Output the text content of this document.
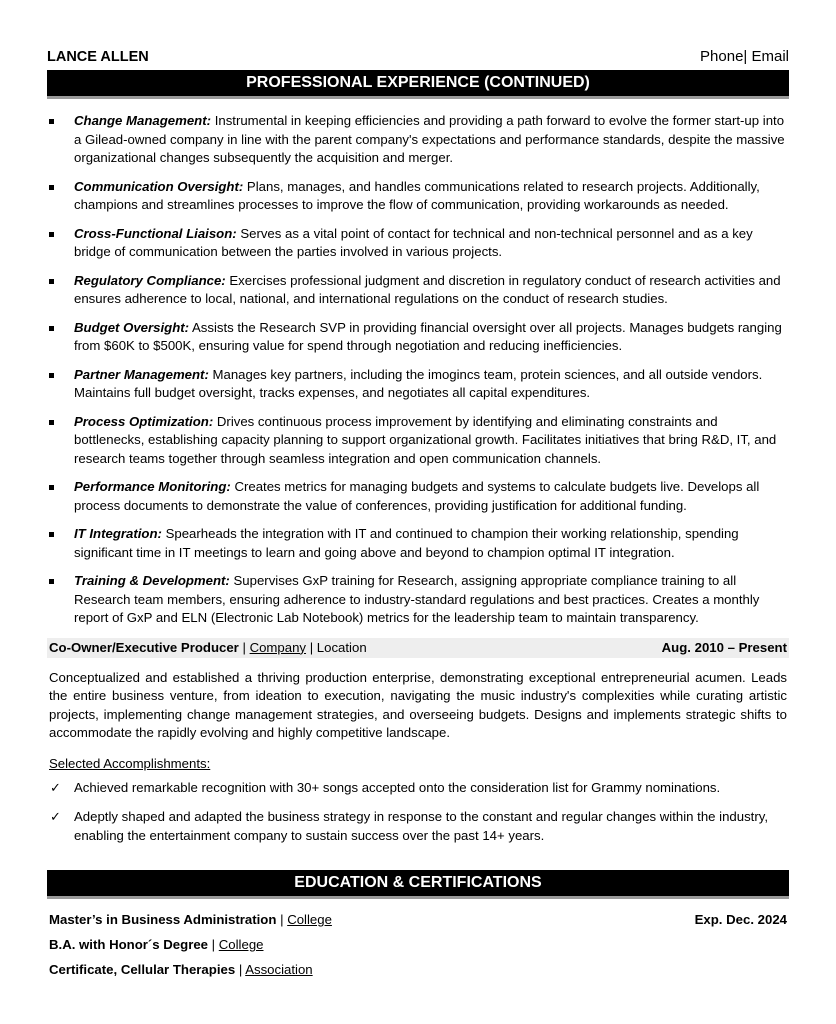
LANCE ALLEN	Phone| Email
PROFESSIONAL EXPERIENCE (CONTINUED)
Change Management: Instrumental in keeping efficiencies and providing a path forward to evolve the former start-up into a Gilead-owned company in line with the parent company's expectations and performance standards, despite the massive organizational changes subsequently the acquisition and merger.
Communication Oversight: Plans, manages, and handles communications related to research projects. Additionally, champions and streamlines processes to improve the flow of communication, providing workarounds as needed.
Cross-Functional Liaison: Serves as a vital point of contact for technical and non-technical personnel and as a key bridge of communication between the parties involved in various projects.
Regulatory Compliance: Exercises professional judgment and discretion in regulatory conduct of research activities and ensures adherence to local, national, and international regulations on the conduct of research studies.
Budget Oversight: Assists the Research SVP in providing financial oversight over all projects. Manages budgets ranging from $60K to $500K, ensuring value for spend through negotiation and reducing inefficiencies.
Partner Management: Manages key partners, including the imogincs team, protein sciences, and all outside vendors. Maintains full budget oversight, tracks expenses, and negotiates all capital expenditures.
Process Optimization: Drives continuous process improvement by identifying and eliminating constraints and bottlenecks, establishing capacity planning to support organizational growth. Facilitates initiatives that bring R&D, IT, and research teams together through seamless integration and open communication channels.
Performance Monitoring: Creates metrics for managing budgets and systems to calculate budgets live. Develops all process documents to demonstrate the value of conferences, providing justification for additional funding.
IT Integration: Spearheads the integration with IT and continued to champion their working relationship, spending significant time in IT meetings to learn and going above and beyond to champion optimal IT integration.
Training & Development: Supervises GxP training for Research, assigning appropriate compliance training to all Research team members, ensuring adherence to industry-standard regulations and best practices. Creates a monthly report of GxP and ELN (Electronic Lab Notebook) metrics for the leadership team to maintain transparency.
Co-Owner/Executive Producer | Company | Location	Aug. 2010 – Present
Conceptualized and established a thriving production enterprise, demonstrating exceptional entrepreneurial acumen. Leads the entire business venture, from ideation to execution, navigating the music industry's complexities while curating artistic projects, implementing change management strategies, and overseeing budgets. Designs and implements strategic shifts to accommodate the rapidly evolving and highly competitive landscape.
Selected Accomplishments:
✓ Achieved remarkable recognition with 30+ songs accepted onto the consideration list for Grammy nominations.
✓ Adeptly shaped and adapted the business strategy in response to the constant and regular changes within the industry, enabling the entertainment company to sustain success over the past 14+ years.
EDUCATION & CERTIFICATIONS
Master’s in Business Administration | College	Exp. Dec. 2024
B.A. with Honor´s Degree | College
Certificate, Cellular Therapies | Association
